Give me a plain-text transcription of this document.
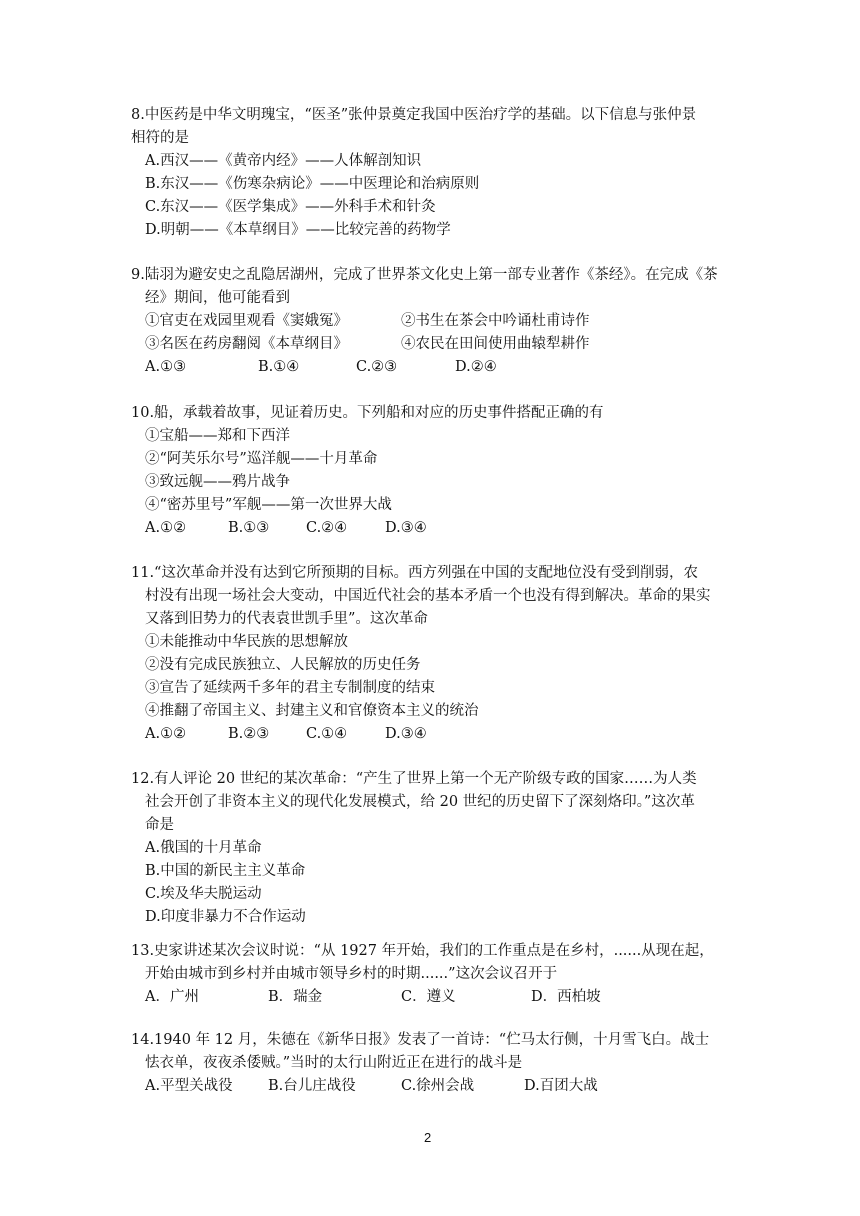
8.中医药是中华文明瑰宝，“医圣”张仲景奠定我国中医治疗学的基础。以下信息与张仲景
相符的是
A.西汉——《黄帝内经》——人体解剖知识
B.东汉——《伤寒杂病论》——中医理论和治病原则
C.东汉——《医学集成》——外科手术和针灸
D.明朝——《本草纲目》——比较完善的药物学
9.陆羽为避安史之乱隐居湖州，完成了世界茶文化史上第一部专业著作《茶经》。在完成《茶
经》期间，他可能看到
①官吏在戏园里观看《窦娥冤》	②书生在茶会中吟诵杜甫诗作
③名医在药房翻阅《本草纲目》	④农民在田间使用曲辕犁耕作
A.①③	B.①④	C.②③	D.②④
10.船，承载着故事，见证着历史。下列船和对应的历史事件搭配正确的有
①宝船——郑和下西洋
②“阿芙乐尔号”巡洋舰——十月革命
③致远舰——鸦片战争
④“密苏里号”军舰——第一次世界大战
A.①②	B.①③	C.②④	D.③④
11.“这次革命并没有达到它所预期的目标。西方列强在中国的支配地位没有受到削弱，农
村没有出现一场社会大变动，中国近代社会的基本矛盾一个也没有得到解决。革命的果实
又落到旧势力的代表袁世凯手里”。这次革命
①未能推动中华民族的思想解放
②没有完成民族独立、人民解放的历史任务
③宣告了延续两千多年的君主专制制度的结束
④推翻了帝国主义、封建主义和官僚资本主义的统治
A.①②	B.②③	C.①④	D.③④
12.有人评论 20 世纪的某次革命：“产生了世界上第一个无产阶级专政的国家……为人类
社会开创了非资本主义的现代化发展模式，给 20 世纪的历史留下了深刻烙印。”这次革
命是
A.俄国的十月革命
B.中国的新民主主义革命
C.埃及华夫脱运动
D.印度非暴力不合作运动
13.史家讲述某次会议时说：“从 1927 年开始，我们的工作重点是在乡村，......从现在起，
开始由城市到乡村并由城市领导乡村的时期......”这次会议召开于
A．广州	B．瑞金	C．遵义	D．西柏坡
14.1940 年 12 月，朱德在《新华日报》发表了一首诗：“伫马太行侧，十月雪飞白。战士
怯衣单，夜夜杀倭贼。”当时的太行山附近正在进行的战斗是
A.平型关战役 B.台儿庄战役	C.徐州会战	D.百团大战
2
